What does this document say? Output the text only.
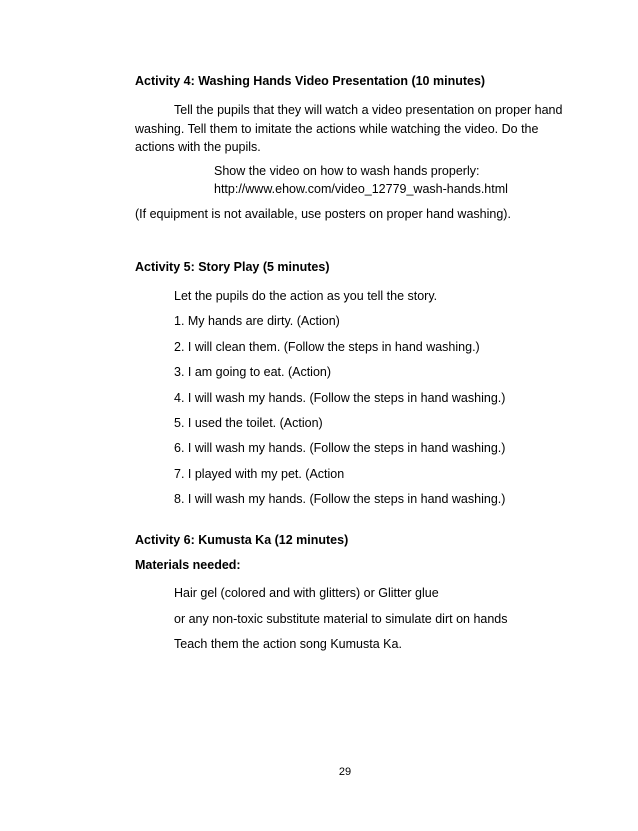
Activity 4: Washing Hands Video Presentation (10 minutes)
Tell the pupils that they will watch a video presentation on proper hand
washing. Tell them to imitate the actions while watching the video. Do the
actions with the pupils.
Show the video on how to wash hands properly:
http://www.ehow.com/video_12779_wash-hands.html
(If equipment is not available, use posters on proper hand washing).
Activity 5: Story Play (5 minutes)
Let the pupils do the action as you tell the story.
1. My hands are dirty. (Action)
2. I will clean them. (Follow the steps in hand washing.)
3. I am going to eat. (Action)
4. I will wash my hands. (Follow the steps in hand washing.)
5. I used the toilet. (Action)
6. I will wash my hands. (Follow the steps in hand washing.)
7. I played with my pet. (Action
8. I will wash my hands. (Follow the steps in hand washing.)
Activity 6: Kumusta Ka (12 minutes)
Materials needed:
Hair gel (colored and with glitters) or Glitter glue
or any non-toxic substitute material to simulate dirt on hands
Teach them the action song Kumusta Ka.
29
